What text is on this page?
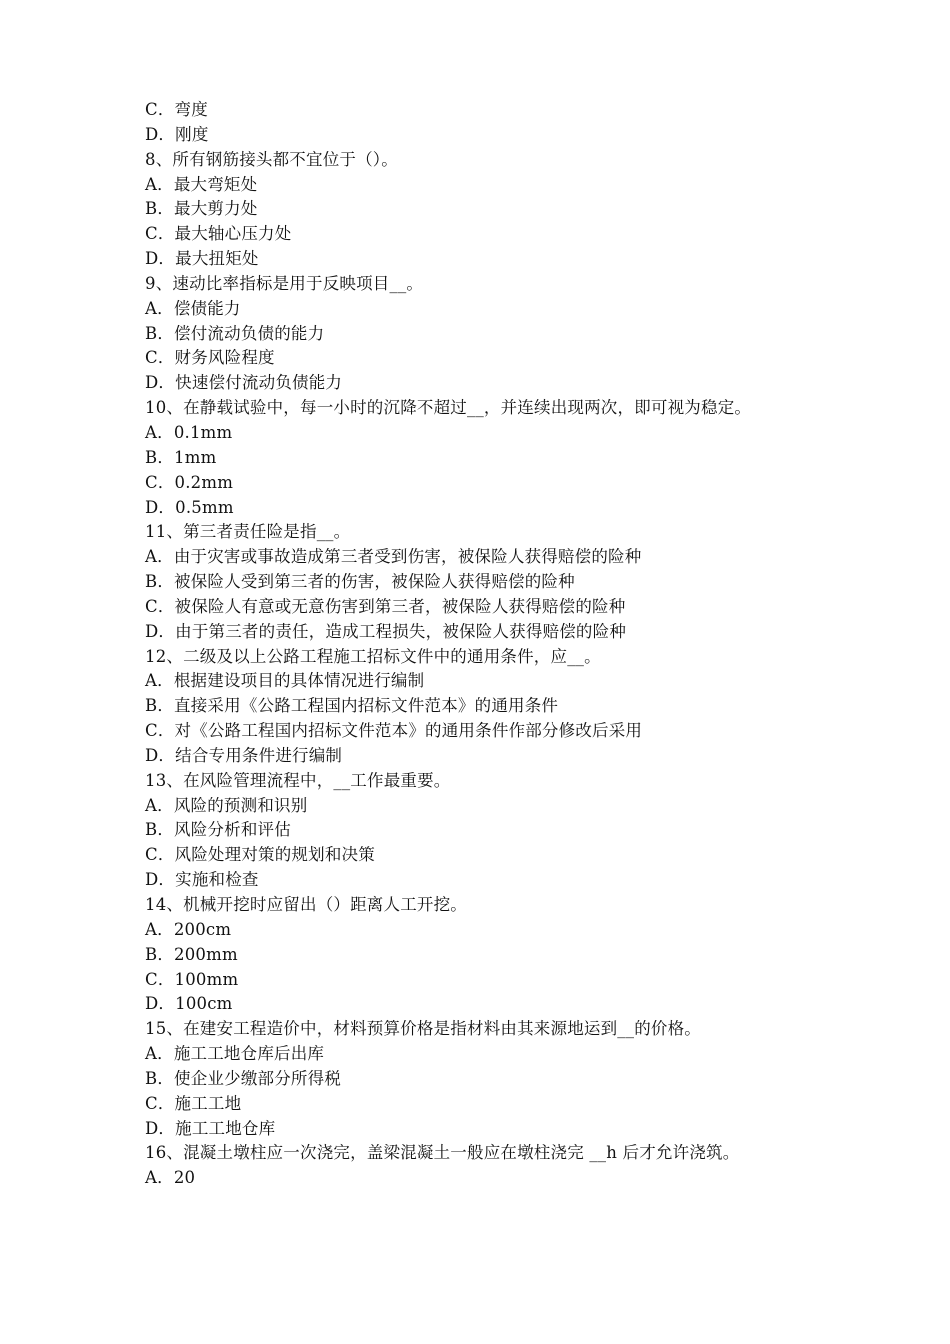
C．弯度
D．刚度
8、所有钢筋接头都不宜位于（）。
A．最大弯矩处
B．最大剪力处
C．最大轴心压力处
D．最大扭矩处
9、速动比率指标是用于反映项目__。
A．偿债能力
B．偿付流动负债的能力
C．财务风险程度
D．快速偿付流动负债能力
10、在静载试验中，每一小时的沉降不超过__，并连续出现两次，即可视为稳定。
A．0.1mm
B．1mm
C．0.2mm
D．0.5mm
11、第三者责任险是指__。
A．由于灾害或事故造成第三者受到伤害，被保险人获得赔偿的险种
B．被保险人受到第三者的伤害，被保险人获得赔偿的险种
C．被保险人有意或无意伤害到第三者，被保险人获得赔偿的险种
D．由于第三者的责任，造成工程损失，被保险人获得赔偿的险种
12、二级及以上公路工程施工招标文件中的通用条件，应__。
A．根据建设项目的具体情况进行编制
B．直接采用《公路工程国内招标文件范本》的通用条件
C．对《公路工程国内招标文件范本》的通用条件作部分修改后采用
D．结合专用条件进行编制
13、在风险管理流程中，__工作最重要。
A．风险的预测和识别
B．风险分析和评估
C．风险处理对策的规划和决策
D．实施和检查
14、机械开挖时应留出（）距离人工开挖。
A．200cm
B．200mm
C．100mm
D．100cm
15、在建安工程造价中，材料预算价格是指材料由其来源地运到__的价格。
A．施工工地仓库后出库
B．使企业少缴部分所得税
C．施工工地
D．施工工地仓库
16、混凝土墩柱应一次浇完，盖梁混凝土一般应在墩柱浇完 __h 后才允许浇筑。
A．20
